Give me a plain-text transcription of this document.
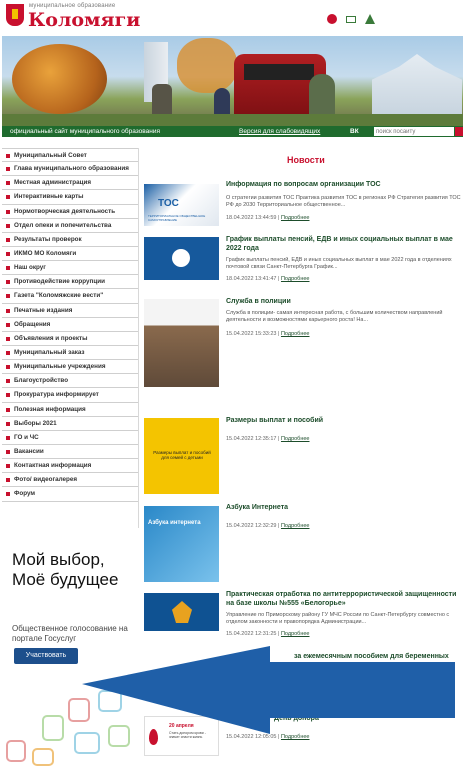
муниципальное образование
Коломяги
официальный сайт муниципального образования	Версия для слабовидящих	ВК
поиск посайту
Муниципальный Совет
Глава муниципального образования
Местная администрация
Интерактивные карты
Нормотворческая деятельность
Отдел опеки и попечительства
Результаты проверок
ИКМО МО Коломяги
Наш округ
Противодействие коррупции
Газета "Коломяжские вести"
Печатные издания
Обращения
Объявления и проекты
Муниципальный заказ
Муниципальные учреждения
Благоустройство
Прокуратура информирует
Полезная информация
Выборы 2021
ГО и ЧС
Вакансии
Контактная информация
Фото/ видеогалерея
Форум
Мой выбор, Моё будущее
Общественное голосование на портале Госуслуг
Участвовать
Новости
ТОС
ТЕРРИТОРИАЛЬНОЕ ОБЩЕСТВЕННОЕ САМОУПРАВЛЕНИЕ
Информация по вопросам организации ТОС
О стратегии развития ТОС Практика развития ТОС в регионах РФ Стратегия развития ТОС РФ до 2030 Территориальное общественное...
18.04.2022 13:44:59 | Подробнее
График выплаты пенсий, ЕДВ и иных социальных выплат в мае 2022 года
График выплаты пенсий, ЕДВ и иных социальных выплат в мае 2022 года в отделениях почтовой связи Санкт-Петербурга График...
18.04.2022 13:41:47 | Подробнее
Служба в полиции
Служба в полиции- самая интересная работа, с большим количеством направлений деятельности и возможностями карьерного роста! На...
15.04.2022 15:33:23 | Подробнее
Размеры выплат и пособий для семей с детьми
Размеры выплат и пособий
15.04.2022 12:35:17 | Подробнее
Азбука интернета
Азбука Интернета
15.04.2022 12:32:29 | Подробнее
Практическая отработка по антитеррористической защищенности на базе школы №555 «Белогорье»
Управление по Приморскому району ГУ МЧС России по Санкт-Петербургу совместно с отделом законности и правопорядка Администрации...
15.04.2022 12:31:25 | Подробнее
за ежемесячным пособием для беременных
20 апреля
Стать донором крови - значит спасти жизнь
День донора
15.04.2022 12:05:05 | Подробнее
